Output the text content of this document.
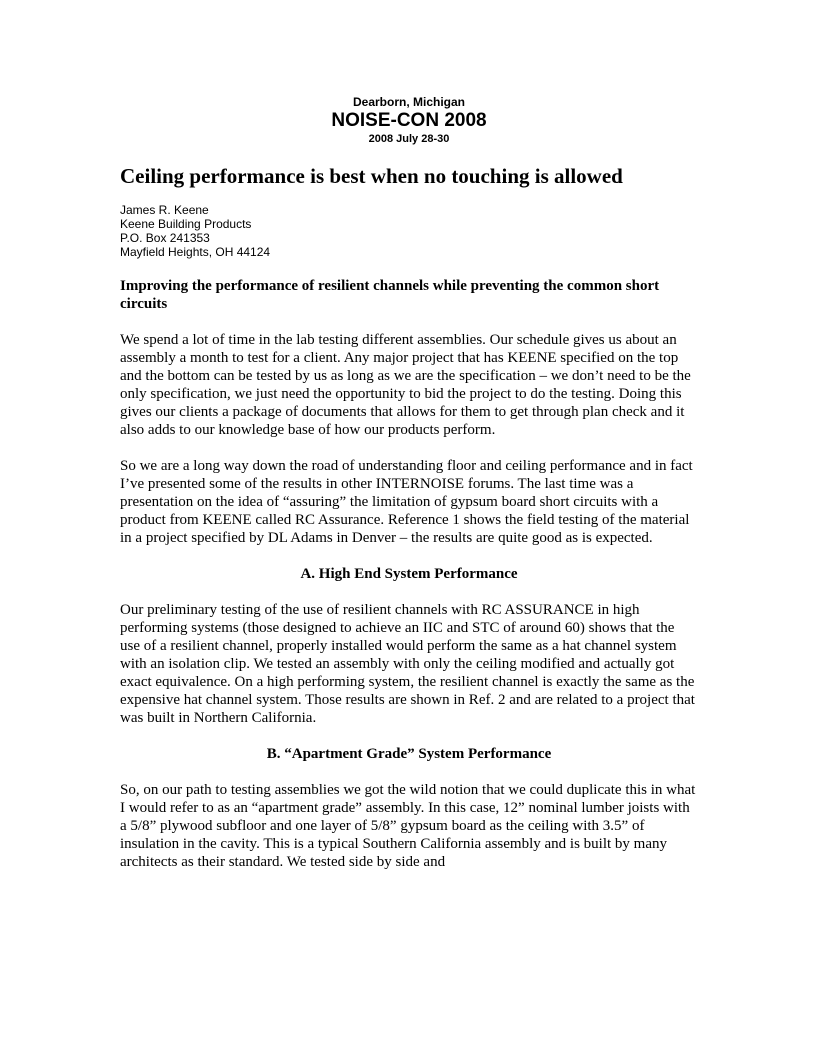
Dearborn, Michigan
NOISE-CON 2008
2008 July 28-30
Ceiling performance is best when no touching is allowed
James R. Keene
Keene Building Products
P.O. Box 241353
Mayfield Heights, OH 44124
Improving the performance of resilient channels while preventing the common short circuits

We spend a lot of time in the lab testing different assemblies. Our schedule gives us about an assembly a month to test for a client. Any major project that has KEENE specified on the top and the bottom can be tested by us as long as we are the specification – we don’t need to be the only specification, we just need the opportunity to bid the project to do the testing. Doing this gives our clients a package of documents that allows for them to get through plan check and it also adds to our knowledge base of how our products perform.

So we are a long way down the road of understanding floor and ceiling performance and in fact I’ve presented some of the results in other INTERNOISE forums. The last time was a presentation on the idea of “assuring” the limitation of gypsum board short circuits with a product from KEENE called RC Assurance. Reference 1 shows the field testing of the material in a project specified by DL Adams in Denver – the results are quite good as is expected.

A. High End System Performance

Our preliminary testing of the use of resilient channels with RC ASSURANCE in high performing systems (those designed to achieve an IIC and STC of around 60) shows that the use of a resilient channel, properly installed would perform the same as a hat channel system with an isolation clip. We tested an assembly with only the ceiling modified and actually got exact equivalence. On a high performing system, the resilient channel is exactly the same as the expensive hat channel system. Those results are shown in Ref. 2 and are related to a project that was built in Northern California.

B. “Apartment Grade” System Performance

So, on our path to testing assemblies we got the wild notion that we could duplicate this in what I would refer to as an “apartment grade” assembly. In this case, 12” nominal lumber joists with a 5/8” plywood subfloor and one layer of 5/8” gypsum board as the ceiling with 3.5” of insulation in the cavity. This is a typical Southern California assembly and is built by many architects as their standard. We tested side by side and
